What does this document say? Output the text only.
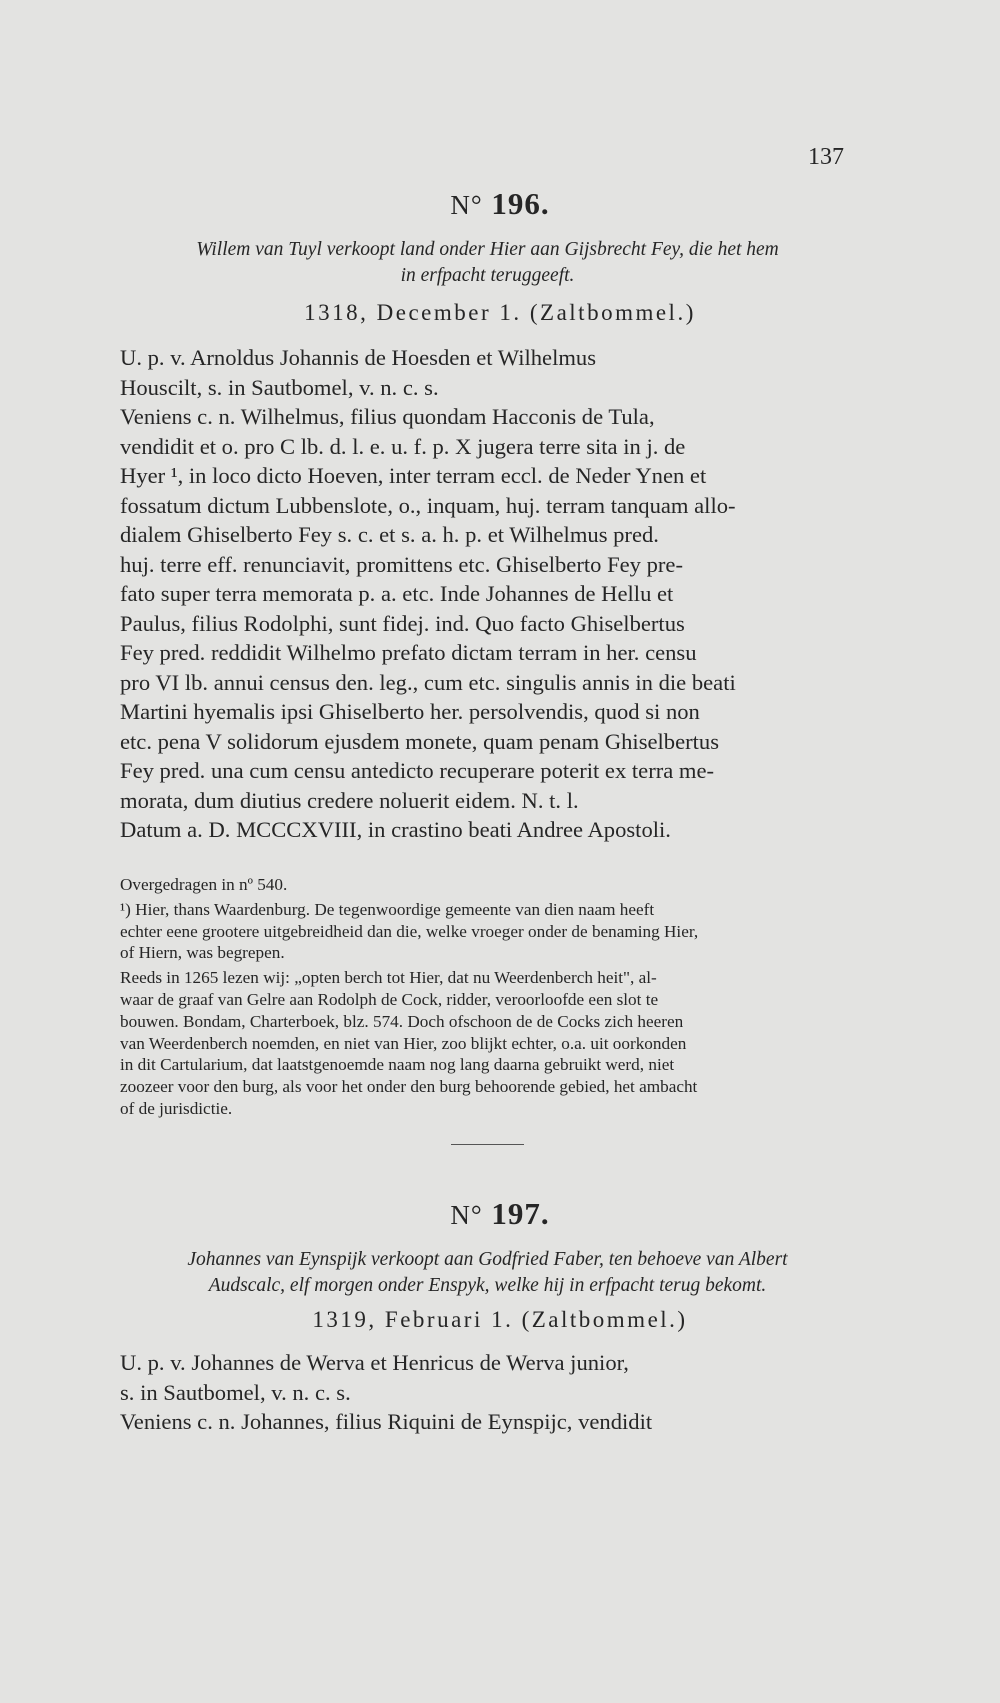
137
N° 196.
Willem van Tuyl verkoopt land onder Hier aan Gijsbrecht Fey, die het hem
in erfpacht teruggeeft.
1318, December 1. (Zaltbommel.)
U. p. v. Arnoldus Johannis de Hoesden et Wilhelmus
Houscilt, s. in Sautbomel, v. n. c. s.
Veniens c. n. Wilhelmus, filius quondam Hacconis de Tula,
vendidit et o. pro C lb. d. l. e. u. f. p. X jugera terre sita in j. de
Hyer ¹, in loco dicto Hoeven, inter terram eccl. de Neder Ynen et
fossatum dictum Lubbenslote, o., inquam, huj. terram tanquam allo-
dialem Ghiselberto Fey s. c. et s. a. h. p. et Wilhelmus pred.
huj. terre eff. renunciavit, promittens etc. Ghiselberto Fey pre-
fato super terra memorata p. a. etc. Inde Johannes de Hellu et
Paulus, filius Rodolphi, sunt fidej. ind. Quo facto Ghiselbertus
Fey pred. reddidit Wilhelmo prefato dictam terram in her. censu
pro VI lb. annui census den. leg., cum etc. singulis annis in die beati
Martini hyemalis ipsi Ghiselberto her. persolvendis, quod si non
etc. pena V solidorum ejusdem monete, quam penam Ghiselbertus
Fey pred. una cum censu antedicto recuperare poterit ex terra me-
morata, dum diutius credere noluerit eidem. N. t. l.
Datum a. D. MCCCXVIII, in crastino beati Andree Apostoli.
Overgedragen in nº 540.
¹) Hier, thans Waardenburg. De tegenwoordige gemeente van dien naam heeft
echter eene grootere uitgebreidheid dan die, welke vroeger onder de benaming Hier,
of Hiern, was begrepen.
Reeds in 1265 lezen wij: „opten berch tot Hier, dat nu Weerdenberch heit", al-
waar de graaf van Gelre aan Rodolph de Cock, ridder, veroorloofde een slot te
bouwen. Bondam, Charterboek, blz. 574. Doch ofschoon de de Cocks zich heeren
van Weerdenberch noemden, en niet van Hier, zoo blijkt echter, o.a. uit oorkonden
in dit Cartularium, dat laatstgenoemde naam nog lang daarna gebruikt werd, niet
zoozeer voor den burg, als voor het onder den burg behoorende gebied, het ambacht
of de jurisdictie.
N° 197.
Johannes van Eynspijk verkoopt aan Godfried Faber, ten behoeve van Albert
Audscalc, elf morgen onder Enspyk, welke hij in erfpacht terug bekomt.
1319, Februari 1. (Zaltbommel.)
U. p. v. Johannes de Werva et Henricus de Werva junior,
s. in Sautbomel, v. n. c. s.
Veniens c. n. Johannes, filius Riquini de Eynspijc, vendidit
